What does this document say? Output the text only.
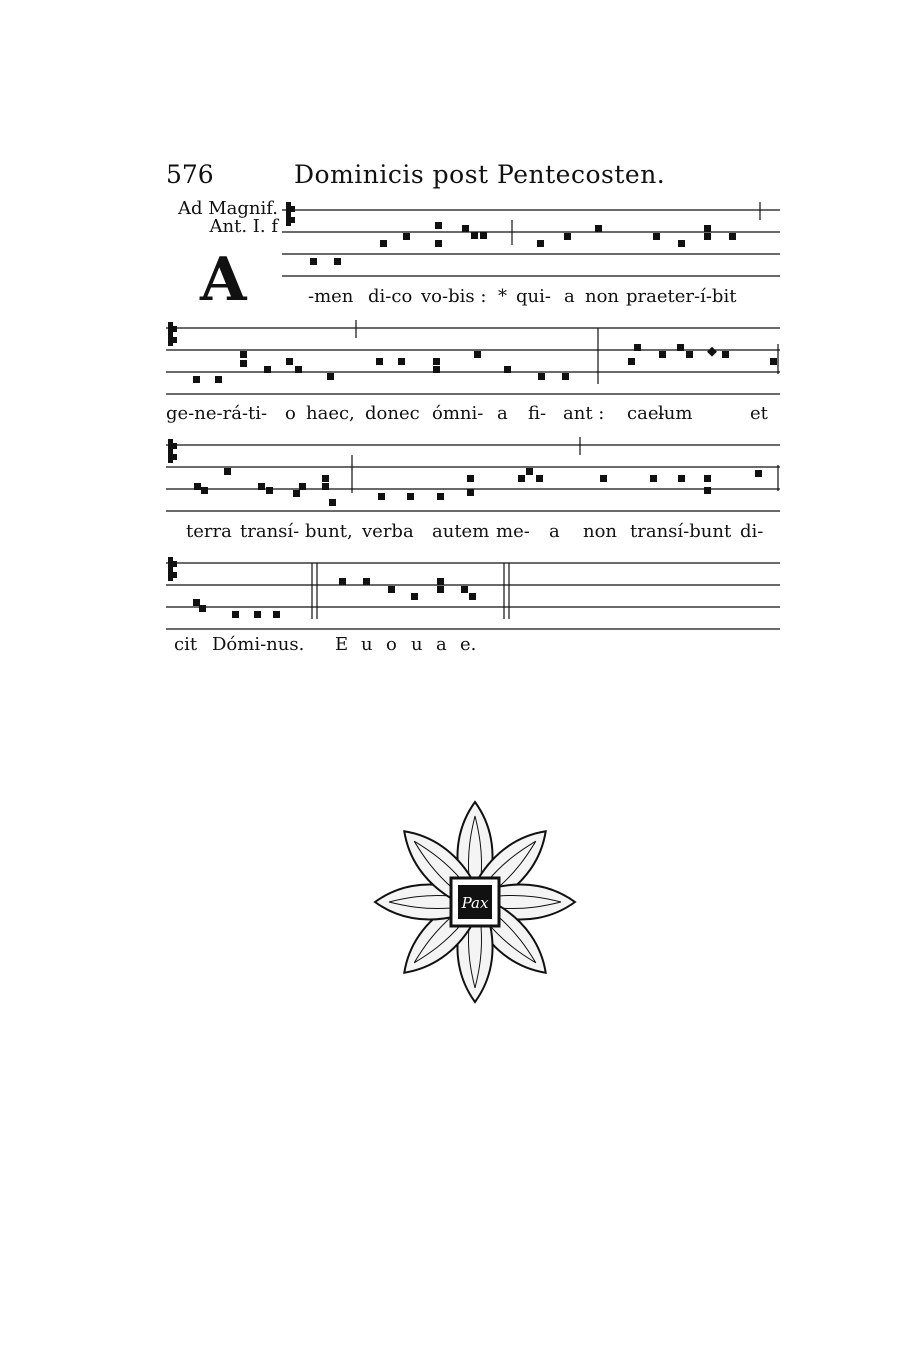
576	Dominicis post Pentecosten.
Ad Magnif.
Ant. I. f
A	-men di-co vo-bis : * qui- a non praeter-í-bit
ge-ne-rá-ti- o haec, donec ómni- a fi- ant : cae-
lum	et
terra transí- bunt, verba autem me- a non transí-bunt di-
cit Dómi-nus. E u o u a e.
Pax
